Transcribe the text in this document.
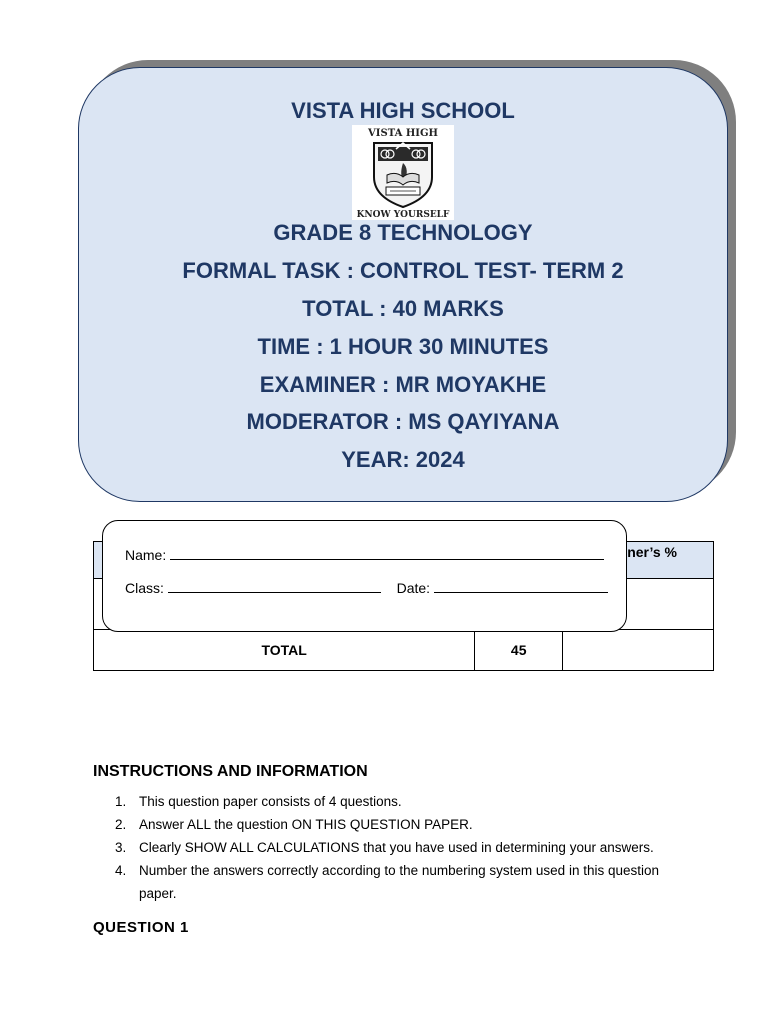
VISTA HIGH SCHOOL
VISTA HIGH
KNOW YOURSELF
GRADE 8 TECHNOLOGY
FORMAL TASK : CONTROL TEST- TERM 2
TOTAL : 40 MARKS
TIME : 1 HOUR 30 MINUTES
EXAMINER : MR MOYAKHE
MODERATOR : MS QAYIYANA
YEAR: 2024
		ner’s %

TOTAL	45	
Name:
Class:	Date:
INSTRUCTIONS AND INFORMATION
1. This question paper consists of 4 questions.
2. Answer ALL the question ON THIS QUESTION PAPER.
3. Clearly SHOW ALL CALCULATIONS that you have used in determining your answers.
4. Number the answers correctly according to the numbering system used in this question paper.
QUESTION 1
